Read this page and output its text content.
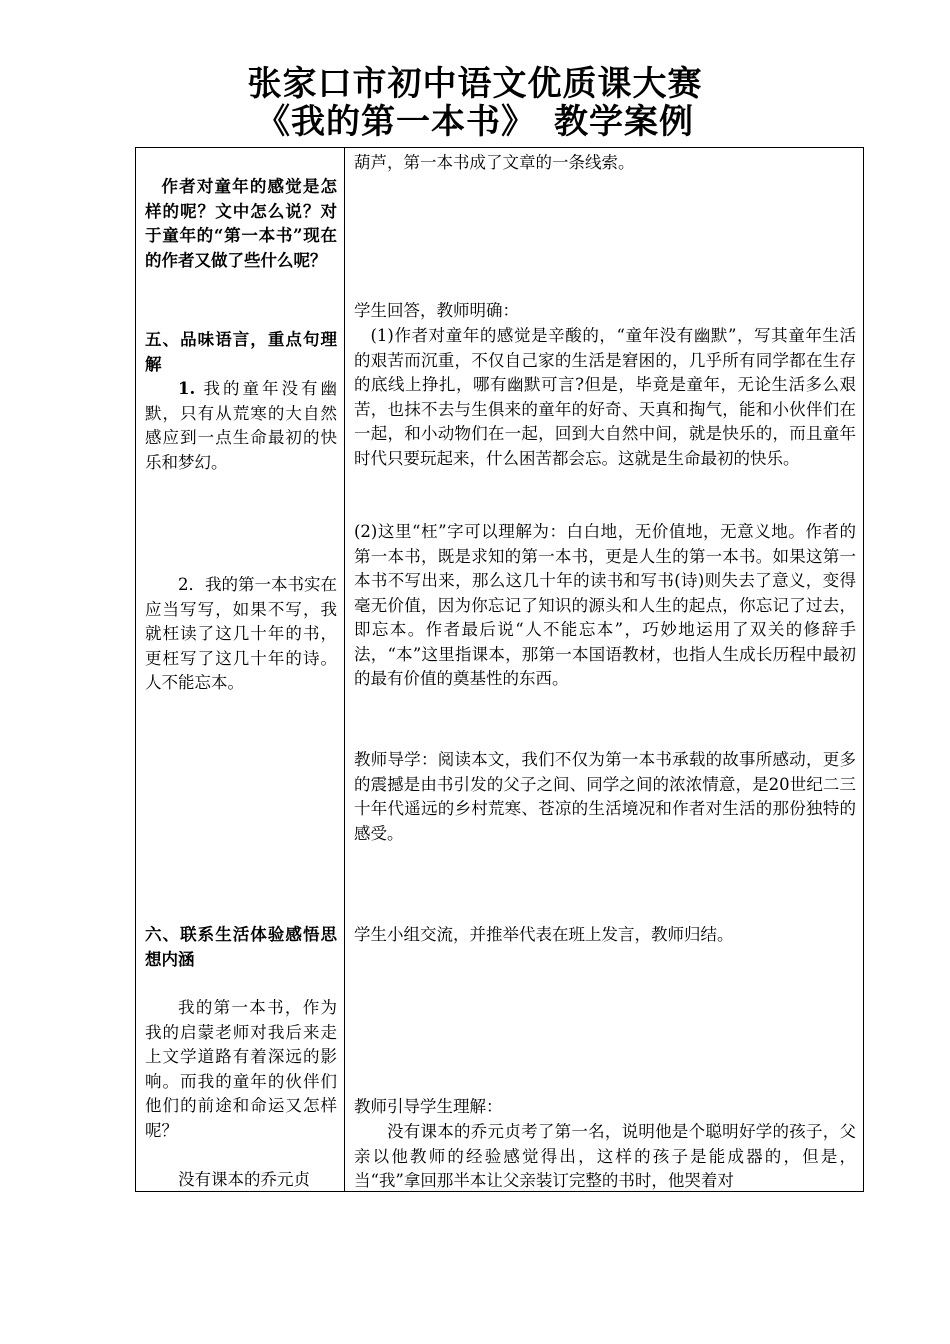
张家口市初中语文优质课大赛
《我的第一本书》　教学案例

作者对童年的感觉是怎样的呢？文中怎么说？对于童年的“第一本书”现在的作者又做了些什么呢？

五、品味语言，重点句理解

1. 我的童年没有幽默，只有从荒寒的大自然感应到一点生命最初的快乐和梦幻。

2．我的第一本书实在应当写写，如果不写，我就枉读了这几十年的书，更枉写了这几十年的诗。人不能忘本。

六、联系生活体验感悟思想内涵

我的第一本书，作为我的启蒙老师对我后来走上文学道路有着深远的影响。而我的童年的伙伴们他们的前途和命运又怎样呢？

没有课本的乔元贞

葫芦，第一本书成了文章的一条线索。

学生回答，教师明确：

(1)作者对童年的感觉是辛酸的，“童年没有幽默”，写其童年生活的艰苦而沉重，不仅自己家的生活是窘困的，几乎所有同学都在生存的底线上挣扎，哪有幽默可言?但是，毕竟是童年，无论生活多么艰苦，也抹不去与生俱来的童年的好奇、天真和掏气，能和小伙伴们在一起，和小动物们在一起，回到大自然中间，就是快乐的，而且童年时代只要玩起来，什么困苦都会忘。这就是生命最初的快乐。

(2)这里“枉”字可以理解为：白白地，无价值地，无意义地。作者的第一本书，既是求知的第一本书，更是人生的第一本书。如果这第一本书不写出来，那么这几十年的读书和写书(诗)则失去了意义，变得毫无价值，因为你忘记了知识的源头和人生的起点，你忘记了过去，即忘本。作者最后说“人不能忘本”，巧妙地运用了双关的修辞手法，“本”这里指课本，那第一本国语教材，也指人生成长历程中最初的最有价值的奠基性的东西。

教师导学：阅读本文，我们不仅为第一本书承载的故事所感动，更多的震撼是由书引发的父子之间、同学之间的浓浓情意，是20世纪二三十年代遥远的乡村荒寒、苍凉的生活境况和作者对生活的那份独特的感受。

学生小组交流，并推举代表在班上发言，教师归结。

教师引导学生理解：

没有课本的乔元贞考了第一名，说明他是个聪明好学的孩子，父亲以他教师的经验感觉得出，这样的孩子是能成器的，但是，当“我”拿回那半本让父亲装订完整的书时，他哭着对
